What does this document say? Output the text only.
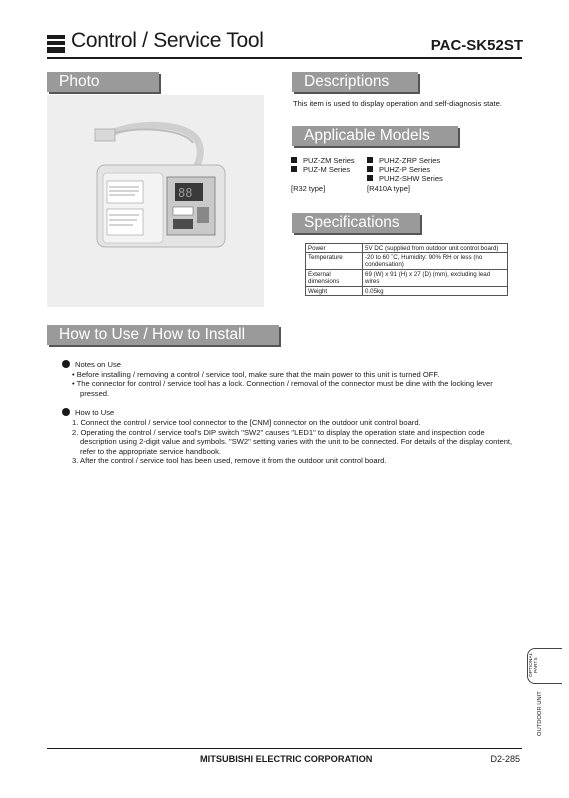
Control / Service Tool	PAC-SK52ST
Photo
88
Descriptions
This item is used to display operation and self-diagnosis state.
Applicable Models
PUZ-ZM Series
PUZ-M Series
[R32 type]
PUHZ-ZRP Series
PUHZ-P Series
PUHZ-SHW Series
[R410A type]
Specifications
Power	5V DC (supplied from outdoor unit control board)
Temperature	-20 to 60 ˚C, Humidity: 90% RH or less (no condensation)
External dimensions	69 (W) x 91 (H) x 27 (D) (mm), excluding lead wires
Weight	0.05kg
How to Use / How to Install
Notes on Use
• Before installing / removing a control / service tool, make sure that the main power to this unit is turned OFF.
• The connector for control / service tool has a lock. Connection / removal of the connector must be dine with the locking lever pressed.
How to Use
1. Connect the control / service tool connector to the [CNM] connector on the outdoor unit control board.
2. Operating the control / service tool's DIP switch "SW2" causes "LED1" to display the operation state and inspection code description using 2-digit value and symbols. "SW2" setting varies with the unit to be connected. For details of the display content, refer to the appropriate service handbook.
3. After the control / service tool has been used, remove it from the outdoor unit control board.
OPTIONAL PARTS
OUTDOOR UNIT
MITSUBISHI ELECTRIC CORPORATION	D2-285
